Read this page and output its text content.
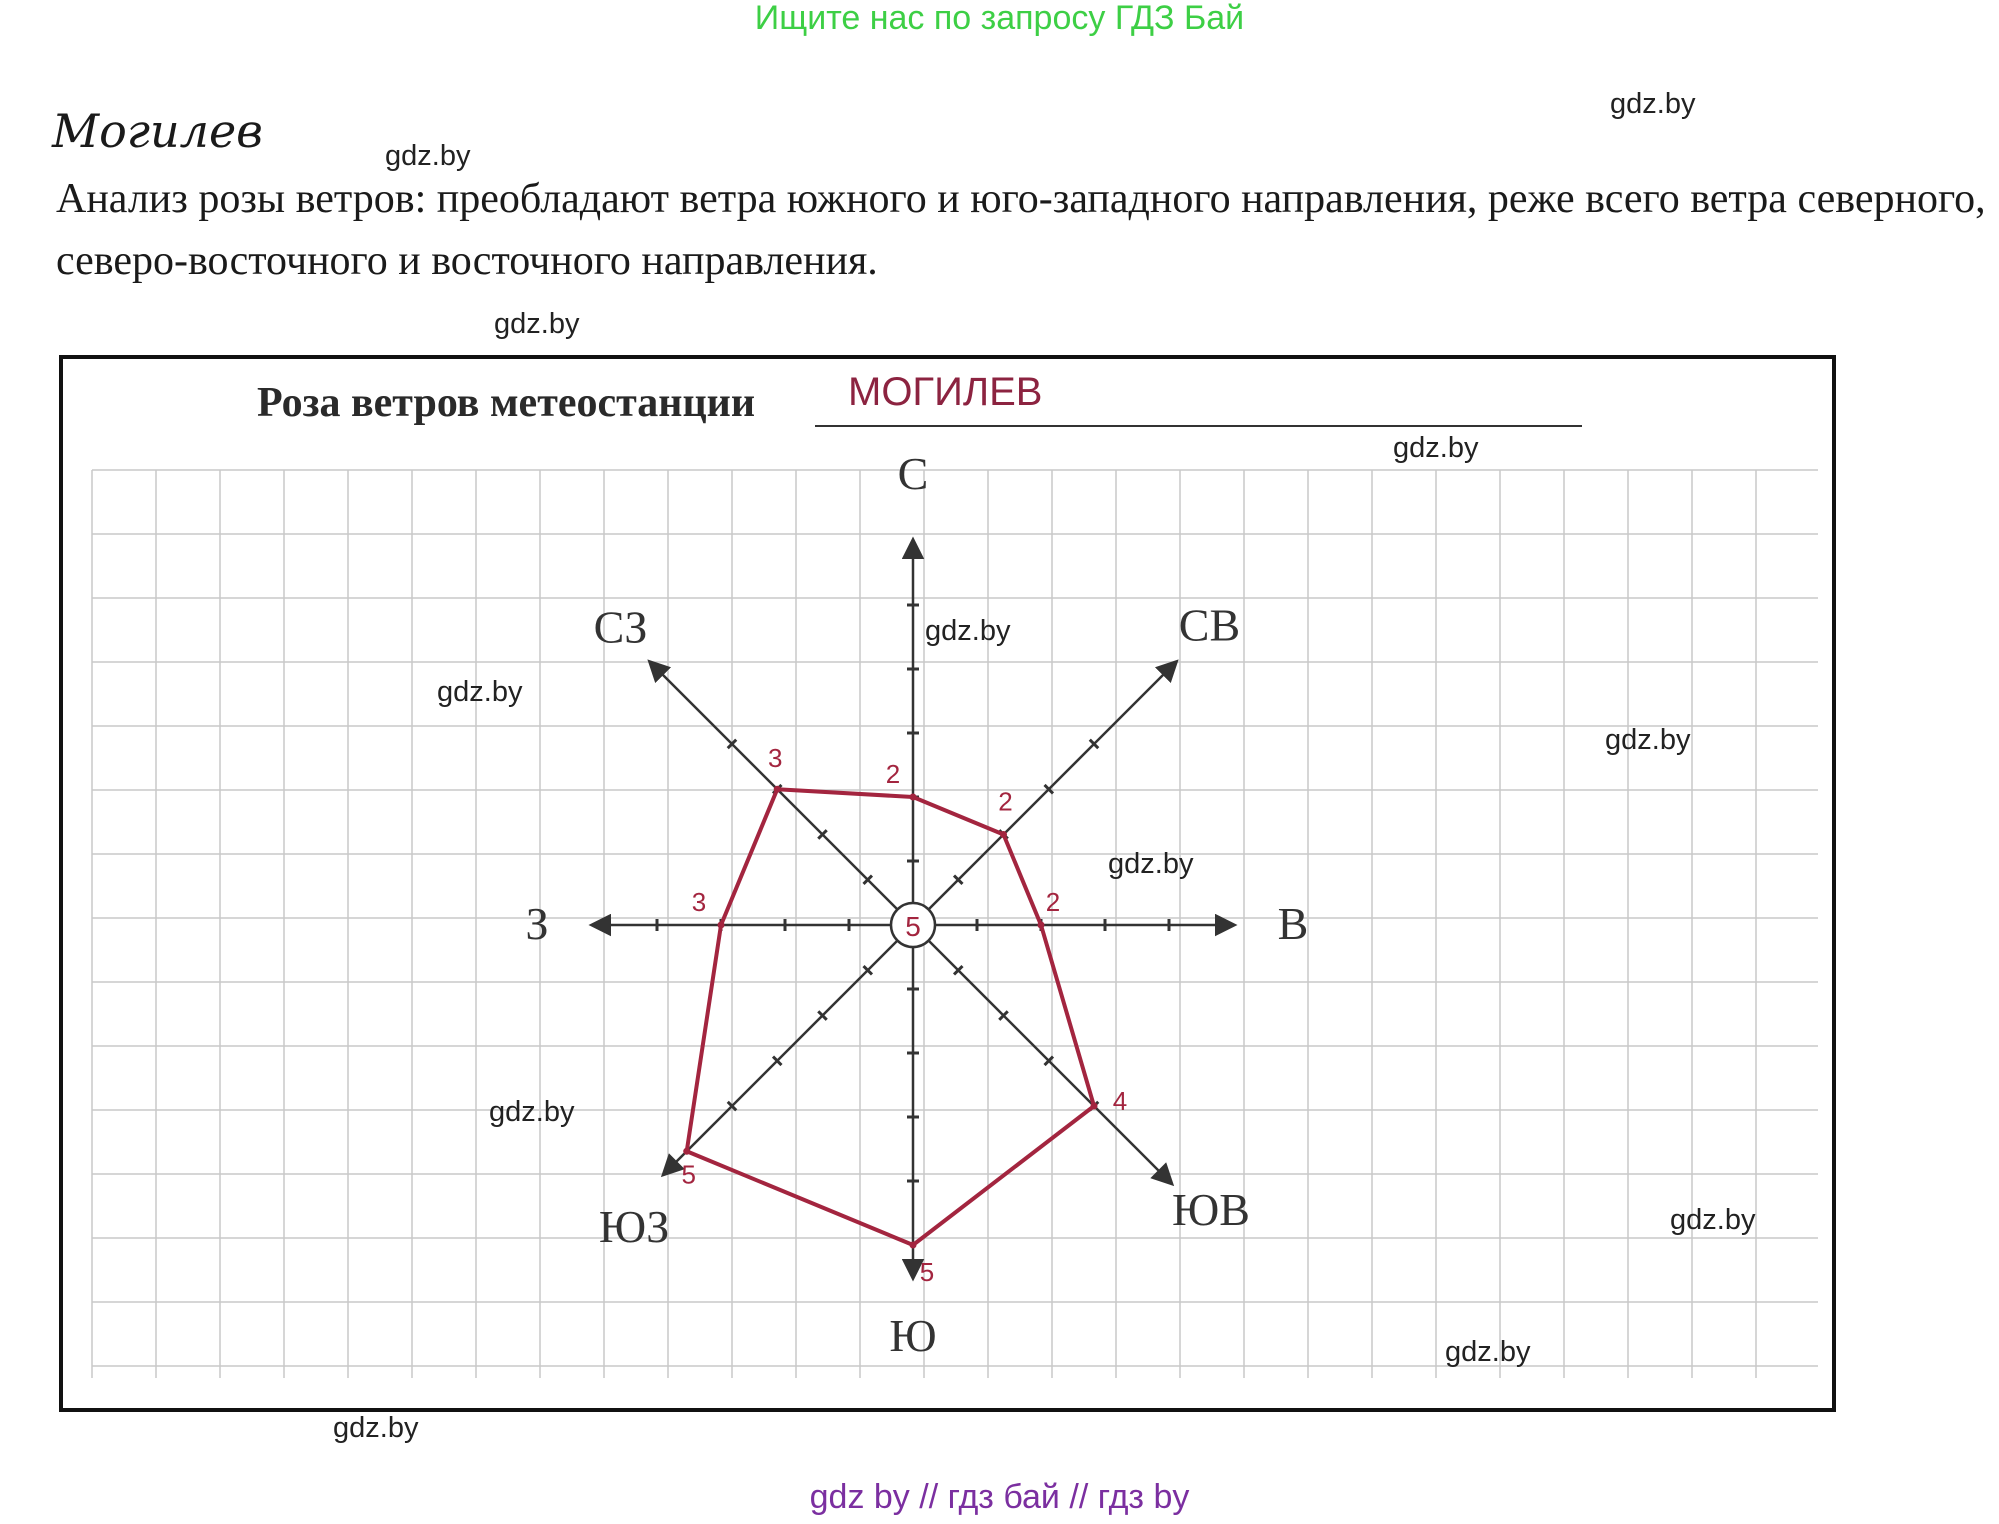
Ищите нас по запросу ГДЗ Бай
Могилев

Анализ розы ветров: преобладают ветра южного и юго-западного направления, реже всего ветра северного, северо-восточного и восточного направления.

Роза ветров метеостанции МОГИЛЕВ
2
2
2
4
5
5
3
3
С
СВ
В
ЮВ
Ю
ЮЗ
З
СЗ
5
gdz.by
gdz.by
gdz.by
gdz.by
gdz.by
gdz.by
gdz.by
gdz.by
gdz.by
gdz.by
gdz.by
gdz.by
gdz by // гдз бай // гдз by
